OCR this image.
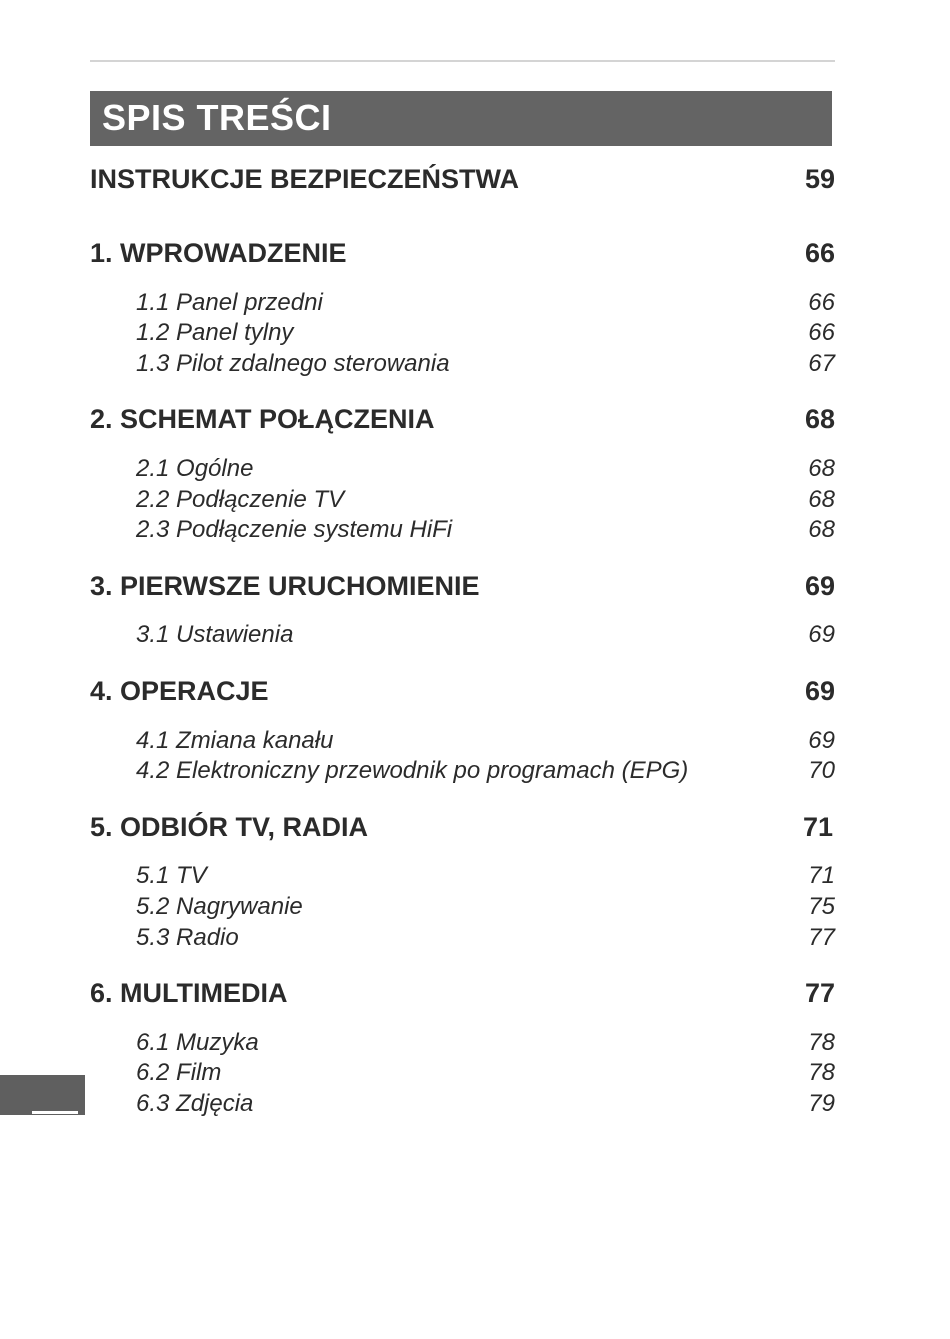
SPIS TREŚCI
INSTRUKCJE BEZPIECZEŃSTWA	59
1. WPROWADZENIE	66
1.1 Panel przedni	66
1.2 Panel tylny	66
1.3 Pilot zdalnego sterowania	67
2. SCHEMAT POŁĄCZENIA	68
2.1 Ogólne	68
2.2 Podłączenie TV	68
2.3 Podłączenie systemu HiFi	68
3. PIERWSZE URUCHOMIENIE	69
3.1 Ustawienia	69
4. OPERACJE	69
4.1 Zmiana kanału	69
4.2 Elektroniczny przewodnik po programach (EPG)	70
5. ODBIÓR TV, RADIA	71
5.1 TV	71
5.2 Nagrywanie	75
5.3 Radio	77
6. MULTIMEDIA	77
6.1 Muzyka	78
6.2 Film	78
6.3 Zdjęcia	79
